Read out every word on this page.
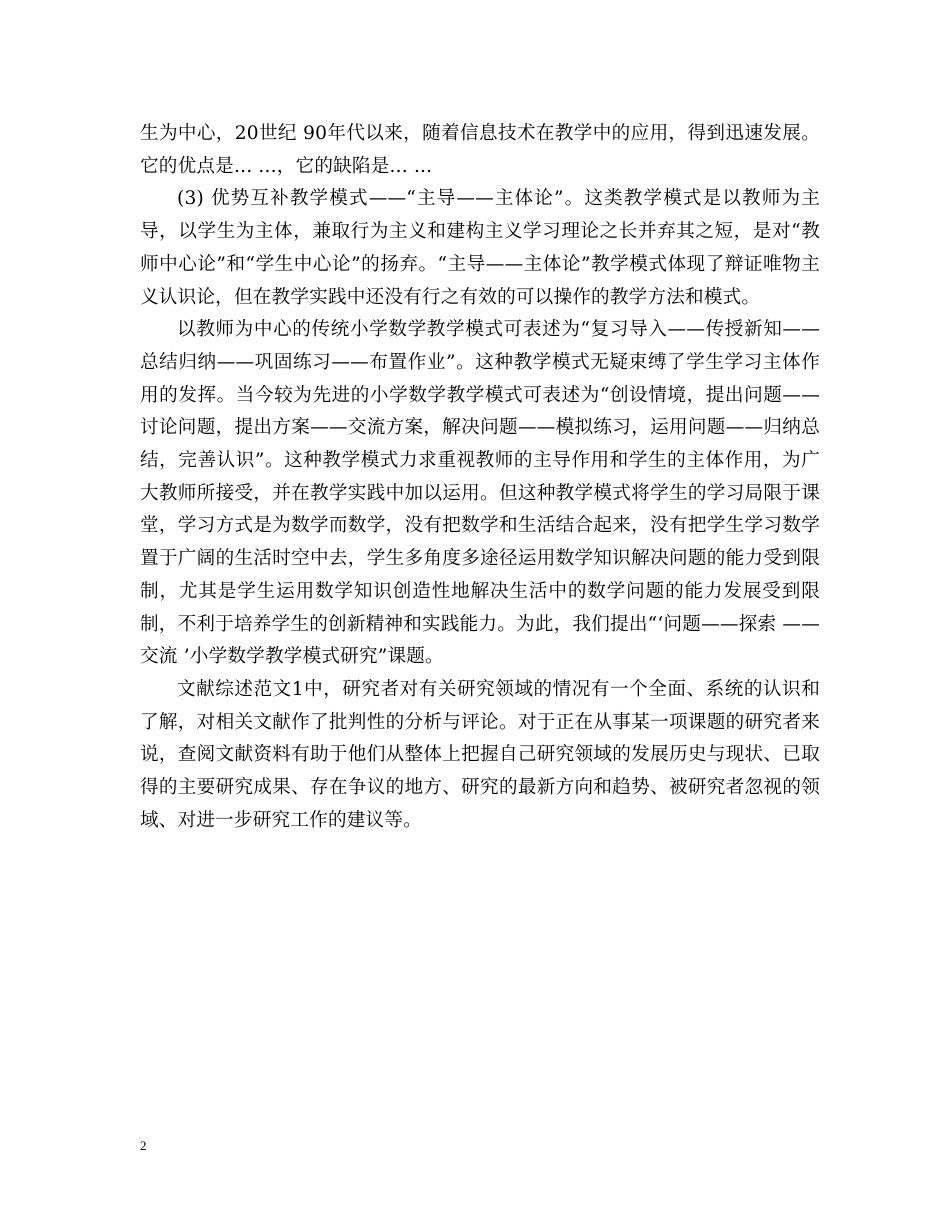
生为中心，20世纪 90年代以来，随着信息技术在教学中的应用，得到迅速发展。它的优点是... ...，它的缺陷是... ...

(3) 优势互补教学模式——“主导——主体论”。这类教学模式是以教师为主导，以学生为主体，兼取行为主义和建构主义学习理论之长并弃其之短，是对“教师中心论”和“学生中心论”的扬弃。“主导——主体论”教学模式体现了辩证唯物主义认识论，但在教学实践中还没有行之有效的可以操作的教学方法和模式。

以教师为中心的传统小学数学教学模式可表述为“复习导入——传授新知——总结归纳——巩固练习——布置作业”。这种教学模式无疑束缚了学生学习主体作用的发挥。当今较为先进的小学数学教学模式可表述为“创设情境，提出问题——讨论问题，提出方案——交流方案，解决问题——模拟练习，运用问题——归纳总结，完善认识”。这种教学模式力求重视教师的主导作用和学生的主体作用，为广大教师所接受，并在教学实践中加以运用。但这种教学模式将学生的学习局限于课堂，学习方式是为数学而数学，没有把数学和生活结合起来，没有把学生学习数学置于广阔的生活时空中去，学生多角度多途径运用数学知识解决问题的能力受到限制，尤其是学生运用数学知识创造性地解决生活中的数学问题的能力发展受到限制，不利于培养学生的创新精神和实践能力。为此，我们提出“‘问题——探索 ——交流 ’小学数学教学模式研究”课题。

文献综述范文1中，研究者对有关研究领域的情况有一个全面、系统的认识和了解，对相关文献作了批判性的分析与评论。对于正在从事某一项课题的研究者来说，查阅文献资料有助于他们从整体上把握自己研究领域的发展历史与现状、已取得的主要研究成果、存在争议的地方、研究的最新方向和趋势、被研究者忽视的领域、对进一步研究工作的建议等。

2
